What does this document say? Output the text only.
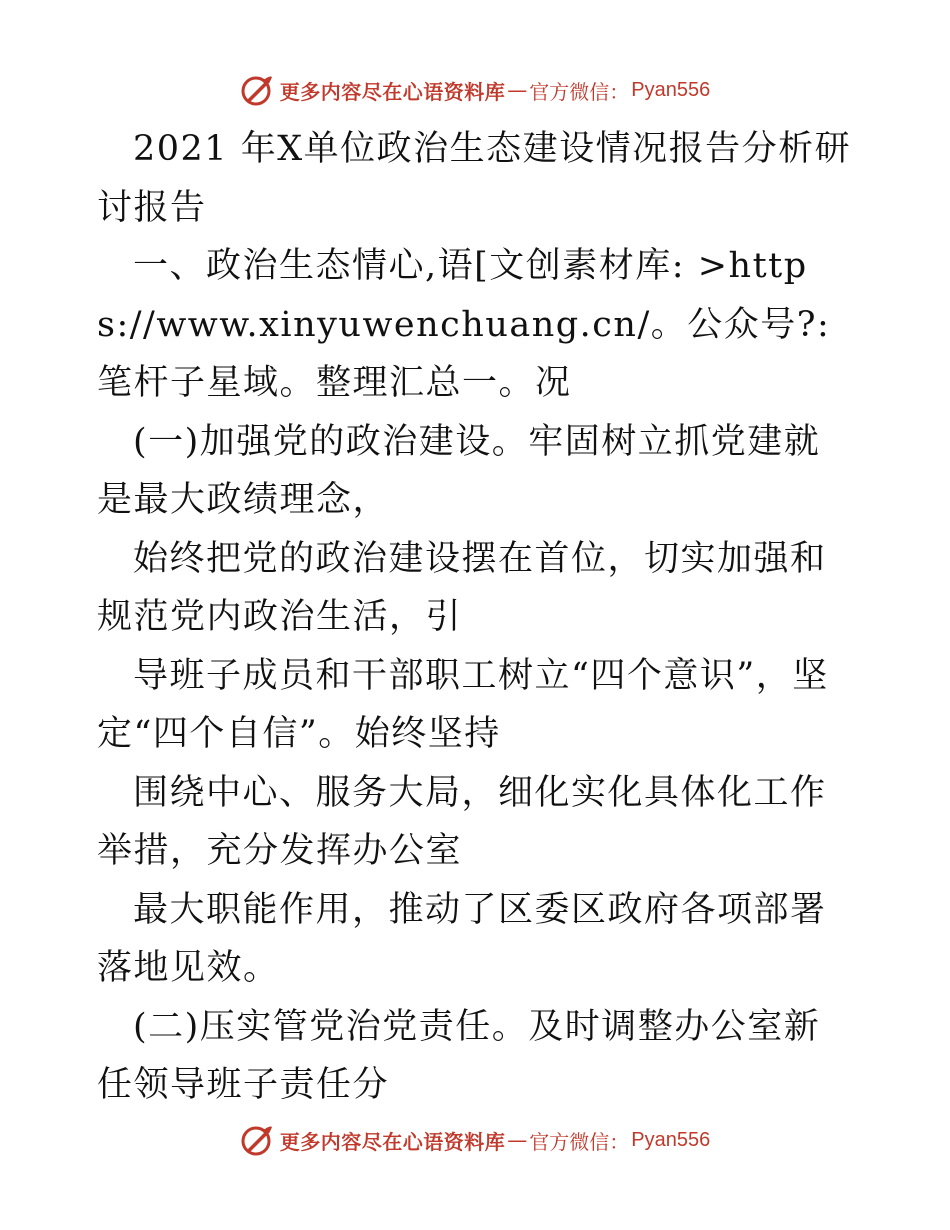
更多内容尽在心语资料库 — 官方微信： Pyan556

2021 年X单位政治生态建设情况报告分析研讨报告

一、政治生态情心,语[文创素材库: >https://www.xinyuwenchuang.cn/。公众号?: 笔杆子星域。整理汇总一。况

(一)加强党的政治建设。牢固树立抓党建就是最大政绩理念，

始终把党的政治建设摆在首位，切实加强和规范党内政治生活，引

导班子成员和干部职工树立“四个意识”，坚定“四个自信”。始终坚持

围绕中心、服务大局，细化实化具体化工作举措，充分发挥办公室

最大职能作用，推动了区委区政府各项部署落地见效。

(二)压实管党治党责任。及时调整办公室新任领导班子责任分

更多内容尽在心语资料库 — 官方微信： Pyan556
